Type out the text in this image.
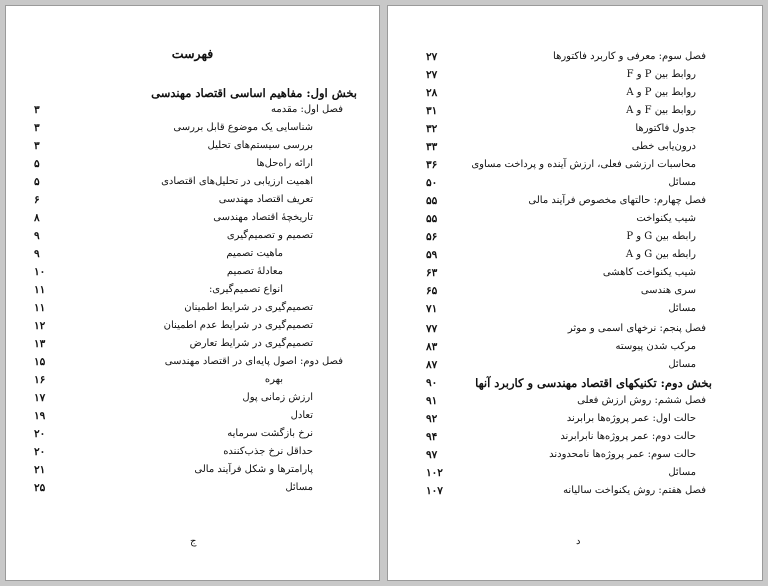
فهرست
بخش اول: مفاهیم اساسی اقتصاد مهندسی
فصل اول: مقدمه
۳
شناسایی یک موضوع قابل بررسی
۳
بررسی سیستم‌های تحلیل
۳
ارائه راه‌حل‌ها
۵
اهمیت ارزیابی در تحلیل‌های اقتصادی
۵
تعریف اقتصاد مهندسی
۶
تاریخچهٔ اقتصاد مهندسی
۸
تصمیم و تصمیم‌گیری
۹
ماهیت تصمیم
۹
معادلهٔ تصمیم
۱۰
انواع تصمیم‌گیری:
۱۱
تصمیم‌گیری در شرایط اطمینان
۱۱
تصمیم‌گیری در شرایط عدم اطمینان
۱۲
تصمیم‌گیری در شرایط تعارض
۱۳
فصل دوم: اصول پایه‌ای در اقتصاد مهندسی
۱۵
بهره
۱۶
ارزش زمانی پول
۱۷
تعادل
۱۹
نرخ بازگشت سرمایه
۲۰
حداقل نرخ جذب‌کننده
۲۰
پارامترها و شکل فرآیند مالی
۲۱
مسائل
۲۵
ج
فصل سوم: معرفی و کاربرد فاکتورها
۲۷
روابط بین P و F
۲۷
روابط بین P و A
۲۸
روابط بین F و A
۳۱
جدول فاکتورها
۳۲
درون‌یابی خطی
۳۳
محاسبات ارزشی فعلی، ارزش آینده و پرداخت مساوی
۳۶
مسائل
۵۰
فصل چهارم: حالتهای مخصوص فرآیند مالی
۵۵
شیب یکنواخت
۵۵
رابطه بین G و P
۵۶
رابطه بین G و A
۵۹
شیب یکنواخت کاهشی
۶۳
سری هندسی
۶۵
مسائل
۷۱
فصل پنجم: نرخهای اسمی و موثر
۷۷
مرکب شدن پیوسته
۸۳
مسائل
۸۷
بخش دوم: تکنیکهای اقتصاد مهندسی و کاربرد آنها
۹۰
فصل ششم: روش ارزش فعلی
۹۱
حالت اول: عمر پروژه‌ها برابرند
۹۲
حالت دوم: عمر پروژه‌ها نابرابرند
۹۴
حالت سوم: عمر پروژه‌ها نامحدودند
۹۷
مسائل
۱۰۲
فصل هفتم: روش یکنواخت سالیانه
۱۰۷
د
